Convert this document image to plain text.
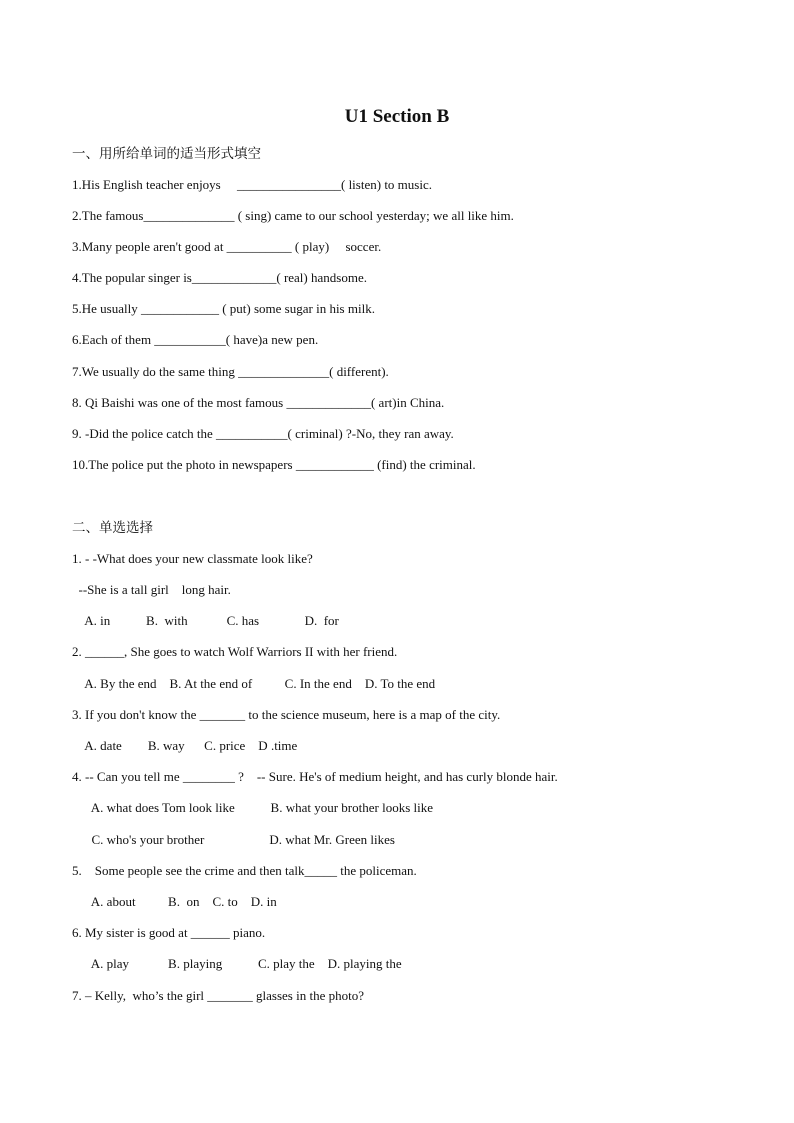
U1 Section B
一、用所给单词的适当形式填空
1.His English teacher enjoys     ________________( listen) to music.
2.The famous______________ ( sing) came to our school yesterday; we all like him.
3.Many people aren't good at __________ ( play)     soccer.
4.The popular singer is_____________( real) handsome.
5.He usually ____________ ( put) some sugar in his milk.
6.Each of them ___________( have)a new pen.
7.We usually do the same thing ______________( different).
8. Qi Baishi was one of the most famous _____________( art)in China.
9. -Did the police catch the ___________( criminal) ?-No, they ran away.
10.The police put the photo in newspapers ____________ (find) the criminal.
二、单选选择
1. - -What does your new classmate look like?
--She is a tall girl    long hair.
A. in           B.  with            C. has              D.  for
2. ______, She goes to watch Wolf Warriors II with her friend.
A. By the end    B. At the end of          C. In the end    D. To the end
3. If you don't know the _______ to the science museum, here is a map of the city.
A. date        B. way      C. price    D .time
4. -- Can you tell me ________ ?    -- Sure. He's of medium height, and has curly blonde hair.
A. what does Tom look like           B. what your brother looks like
C. who's your brother                    D. what Mr. Green likes
5.    Some people see the crime and then talk_____ the policeman.
A. about          B.  on    C. to    D. in
6. My sister is good at ______ piano.
A. play            B. playing           C. play the    D. playing the
7. – Kelly,  who’s the girl _______ glasses in the photo?
